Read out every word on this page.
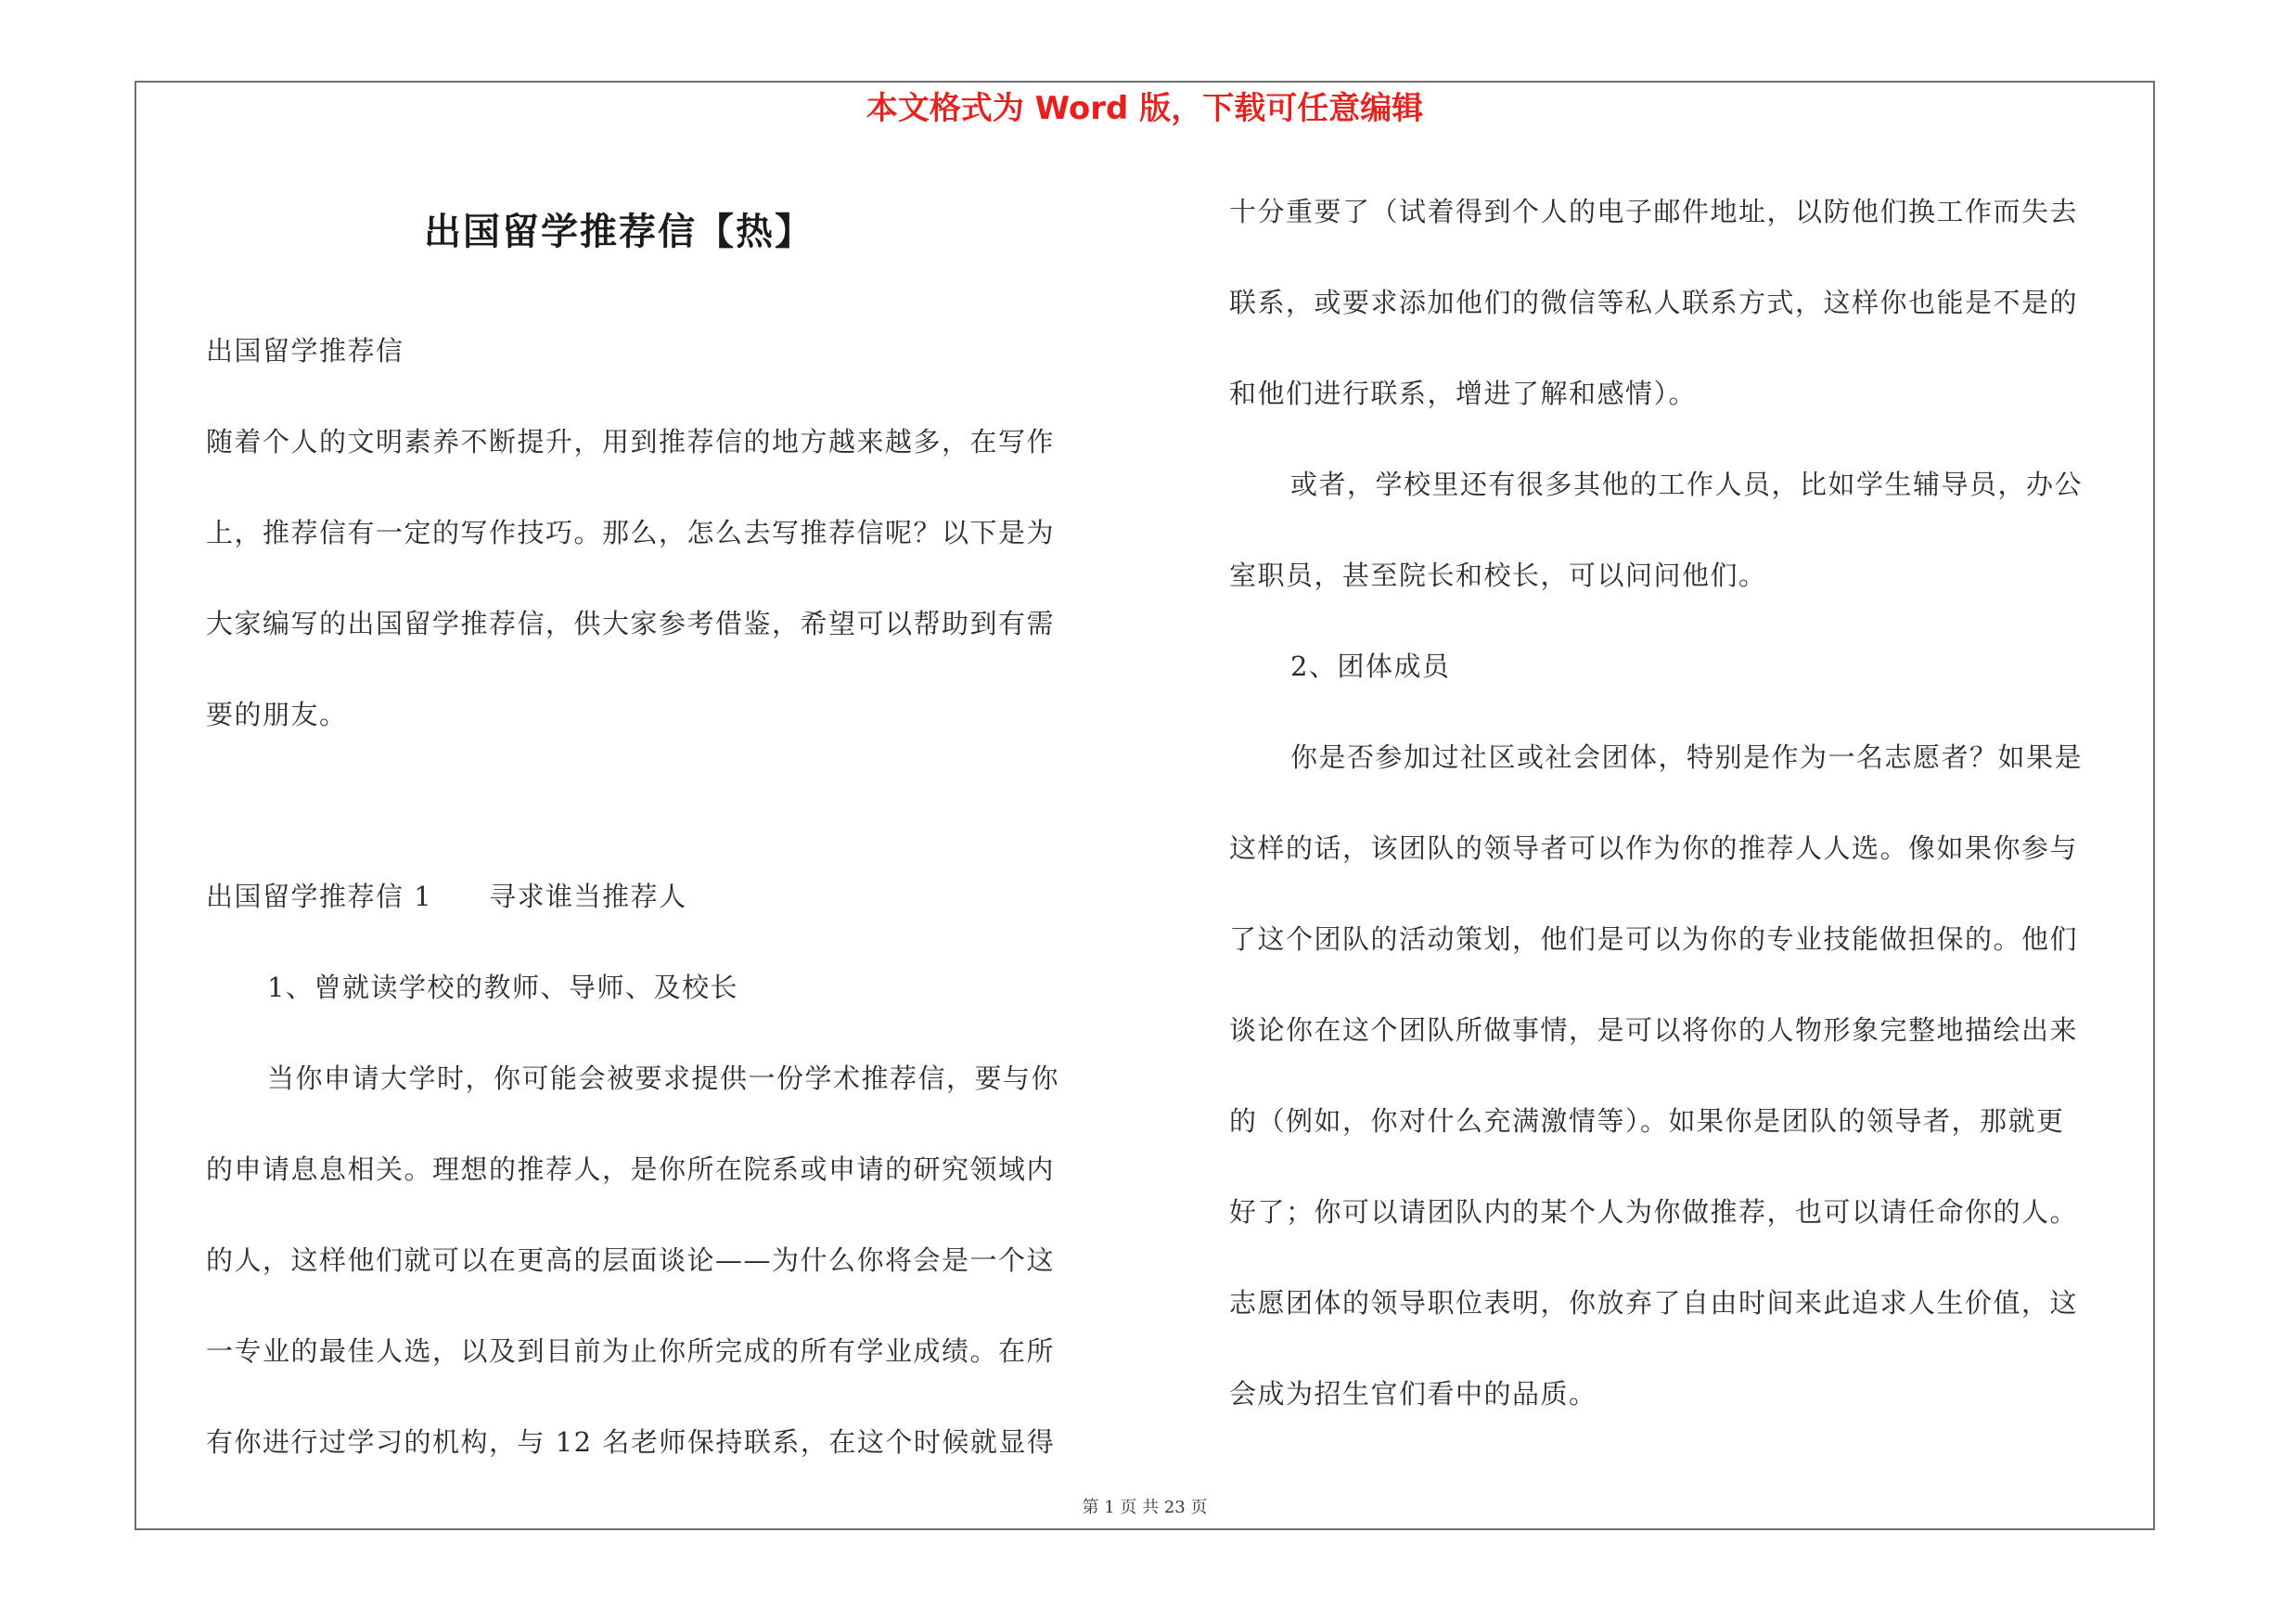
本文格式为 Word 版，下载可任意编辑
出国留学推荐信【热】
出国留学推荐信
随着个人的文明素养不断提升，用到推荐信的地方越来越多，在写作
上，推荐信有一定的写作技巧。那么，怎么去写推荐信呢？以下是为
大家编写的出国留学推荐信，供大家参考借鉴，希望可以帮助到有需
要的朋友。
出国留学推荐信 1　　寻求谁当推荐人
1、曾就读学校的教师、导师、及校长
当你申请大学时，你可能会被要求提供一份学术推荐信，要与你
的申请息息相关。理想的推荐人，是你所在院系或申请的研究领域内
的人，这样他们就可以在更高的层面谈论——为什么你将会是一个这
一专业的最佳人选，以及到目前为止你所完成的所有学业成绩。在所
有你进行过学习的机构，与 12 名老师保持联系，在这个时候就显得
十分重要了（试着得到个人的电子邮件地址，以防他们换工作而失去
联系，或要求添加他们的微信等私人联系方式，这样你也能是不是的
和他们进行联系，增进了解和感情）。
或者，学校里还有很多其他的工作人员，比如学生辅导员，办公
室职员，甚至院长和校长，可以问问他们。
2、团体成员
你是否参加过社区或社会团体，特别是作为一名志愿者？如果是
这样的话，该团队的领导者可以作为你的推荐人人选。像如果你参与
了这个团队的活动策划，他们是可以为你的专业技能做担保的。他们
谈论你在这个团队所做事情，是可以将你的人物形象完整地描绘出来
的（例如，你对什么充满激情等）。如果你是团队的领导者，那就更
好了；你可以请团队内的某个人为你做推荐，也可以请任命你的人。
志愿团体的领导职位表明，你放弃了自由时间来此追求人生价值，这
会成为招生官们看中的品质。
第 1 页 共 23 页
